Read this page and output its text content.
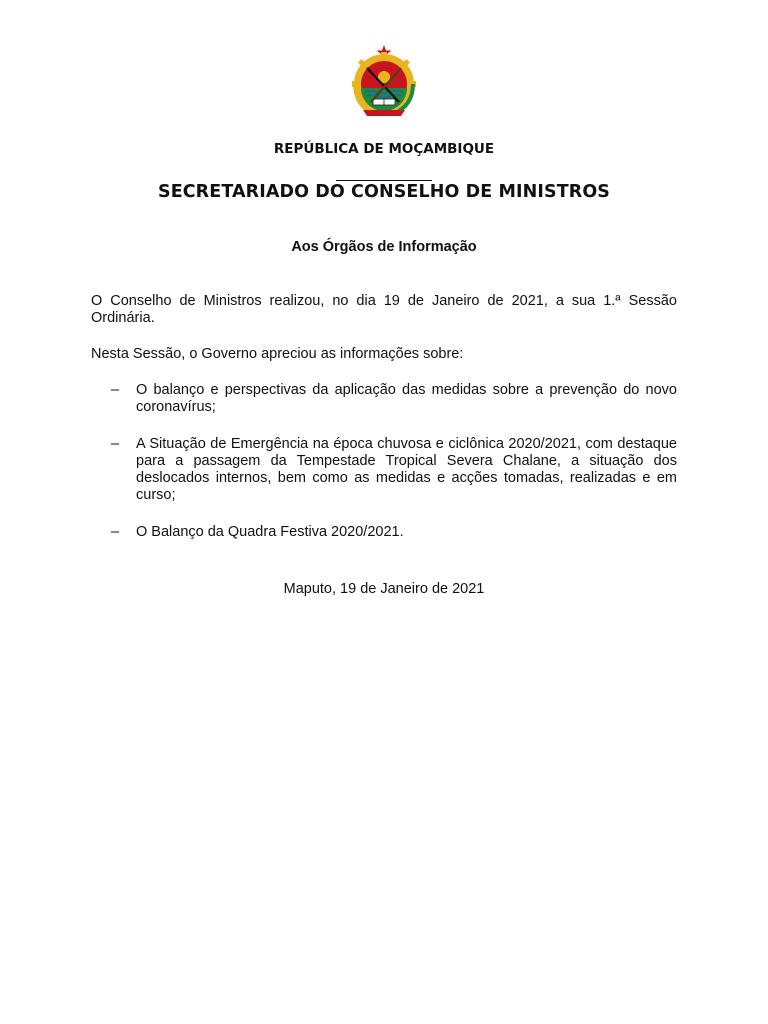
REPÚBLICA DE MOÇAMBIQUE
SECRETARIADO DO CONSELHO DE MINISTROS
Aos Órgãos de Informação
O Conselho de Ministros realizou, no dia 19 de Janeiro de 2021, a sua 1.ª Sessão Ordinária.
Nesta Sessão, o Governo apreciou as informações sobre:
– O balanço e perspectivas da aplicação das medidas sobre a prevenção do novo coronavírus;
– A Situação de Emergência na época chuvosa e ciclônica 2020/2021, com destaque para a passagem da Tempestade Tropical Severa Chalane, a situação dos deslocados internos, bem como as medidas e acções tomadas, realizadas e em curso;
– O Balanço da Quadra Festiva 2020/2021.
Maputo, 19 de Janeiro de 2021
